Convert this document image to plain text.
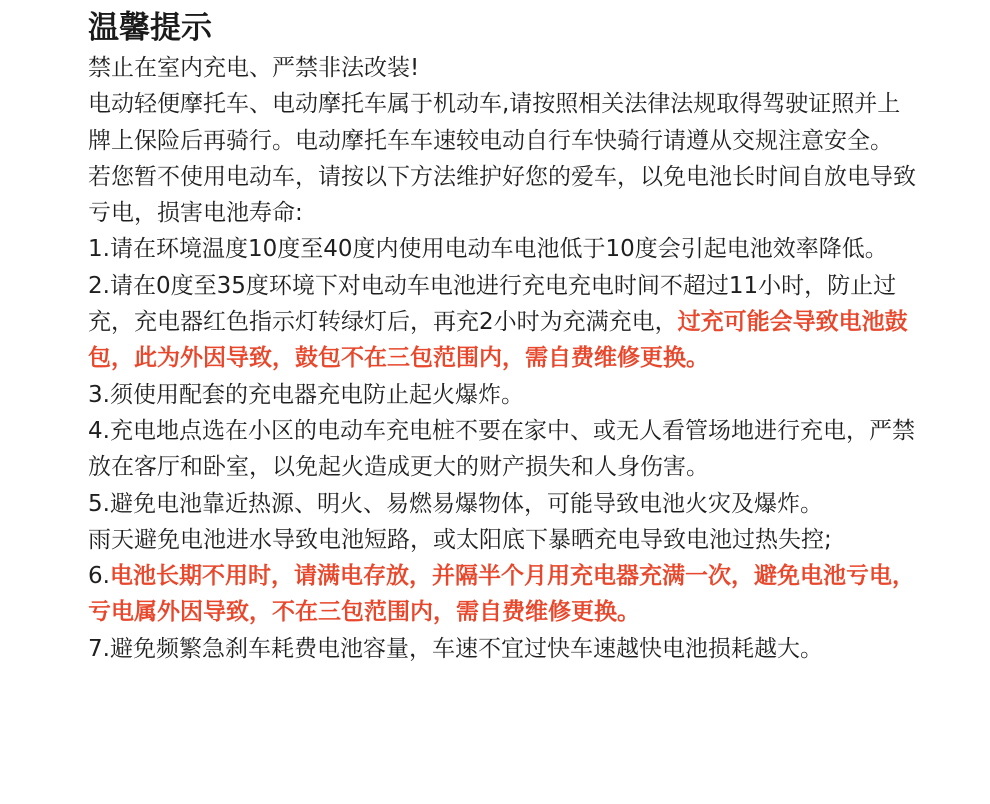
温馨提示

禁止在室内充电、严禁非法改装!

电动轻便摩托车、电动摩托车属于机动车,请按照相关法律法规取得驾驶证照并上牌上保险后再骑行。电动摩托车车速较电动自行车快骑行请遵从交规注意安全。

若您暂不使用电动车，请按以下方法维护好您的爱车，以免电池长时间自放电导致亏电，损害电池寿命:

1.请在环境温度10度至40度内使用电动车电池低于10度会引起电池效率降低。

2.请在0度至35度环境下对电动车电池进行充电充电时间不超过11小时，防止过充，充电器红色指示灯转绿灯后，再充2小时为充满充电，过充可能会导致电池鼓包，此为外因导致，鼓包不在三包范围内，需自费维修更换。

3.须使用配套的充电器充电防止起火爆炸。

4.充电地点选在小区的电动车充电桩不要在家中、或无人看管场地进行充电，严禁放在客厅和卧室，以免起火造成更大的财产损失和人身伤害。

5.避免电池靠近热源、明火、易燃易爆物体，可能导致电池火灾及爆炸。

雨天避免电池进水导致电池短路，或太阳底下暴晒充电导致电池过热失控;

6.电池长期不用时，请满电存放，并隔半个月用充电器充满一次，避免电池亏电，亏电属外因导致，不在三包范围内，需自费维修更换。

7.避免频繁急刹车耗费电池容量，车速不宜过快车速越快电池损耗越大。
